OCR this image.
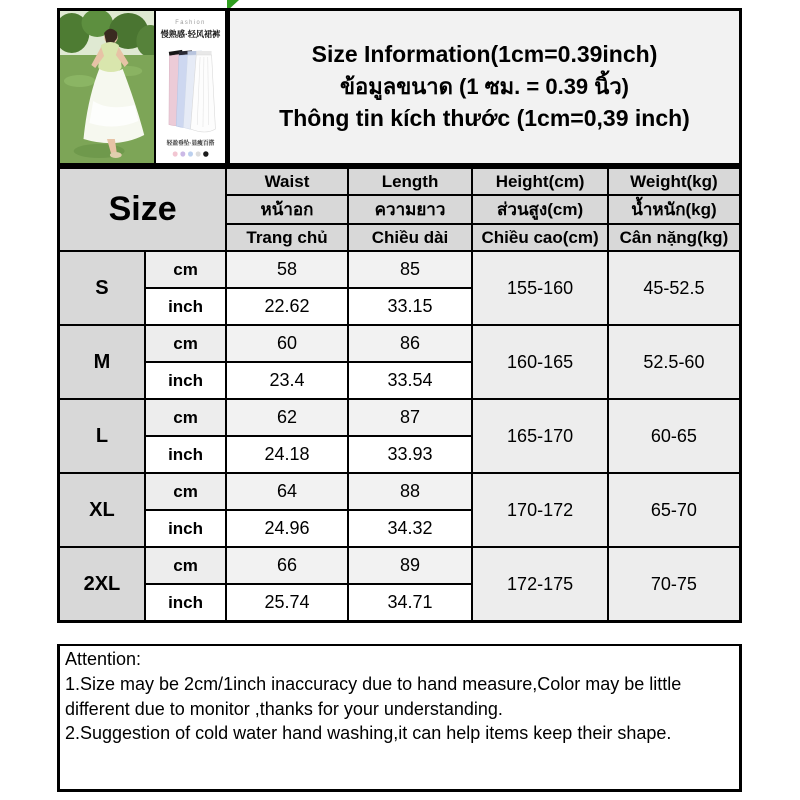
Fashion
慢熟感·轻风裙裤
轻盈垂坠·显瘦百搭
Size Information(1cm=0.39inch)
ข้อมูลขนาด (1 ซม. = 0.39 นิ้ว)
Thông tin kích thước (1cm=0,39 inch)
Size		Waist	Length	Height(cm)	Weight(kg)
		หน้าอก	ความยาว	ส่วนสูง(cm)	น้ำหนัก(kg)
		Trang chủ	Chiều dài	Chiều cao(cm)	Cân nặng(kg)
S	cm	58	85	155-160	45-52.5
	inch	22.62	33.15		
M	cm	60	86	160-165	52.5-60
	inch	23.4	33.54		
L	cm	62	87	165-170	60-65
	inch	24.18	33.93		
XL	cm	64	88	170-172	65-70
	inch	24.96	34.32		
2XL	cm	66	89	172-175	70-75
	inch	25.74	34.71		
Attention:
1.Size may be 2cm/1inch inaccuracy due to hand measure,Color may be little different due to monitor ,thanks for your understanding.
2.Suggestion of cold water hand washing,it can help items keep their shape.
